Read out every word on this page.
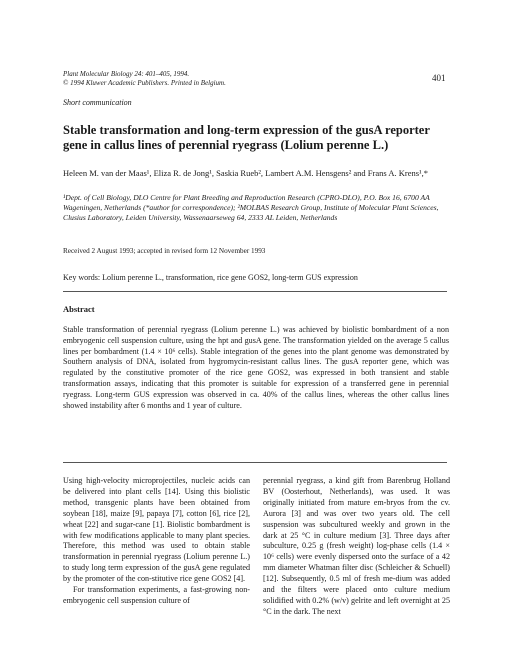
Plant Molecular Biology 24: 401–405, 1994.
© 1994 Kluwer Academic Publishers. Printed in Belgium.	401
Short communication
Stable transformation and long-term expression of the gusA reporter gene in callus lines of perennial ryegrass (Lolium perenne L.)
Heleen M. van der Maas¹, Eliza R. de Jong¹, Saskia Rueb², Lambert A.M. Hensgens² and Frans A. Krens¹,*
¹Dept. of Cell Biology, DLO Centre for Plant Breeding and Reproduction Research (CPRO-DLO), P.O. Box 16, 6700 AA Wageningen, Netherlands (*author for correspondence); ²MOLBAS Research Group, Institute of Molecular Plant Sciences, Clusius Laboratory, Leiden University, Wassenaarseweg 64, 2333 AL Leiden, Netherlands
Received 2 August 1993; accepted in revised form 12 November 1993
Key words: Lolium perenne L., transformation, rice gene GOS2, long-term GUS expression
Abstract
Stable transformation of perennial ryegrass (Lolium perenne L.) was achieved by biolistic bombardment of a non embryogenic cell suspension culture, using the hpt and gusA gene. The transformation yielded on the average 5 callus lines per bombardment (1.4 × 10⁶ cells). Stable integration of the genes into the plant genome was demonstrated by Southern analysis of DNA, isolated from hygromycin-resistant callus lines. The gusA reporter gene, which was regulated by the constitutive promoter of the rice gene GOS2, was expressed in both transient and stable transformation assays, indicating that this promoter is suitable for expression of a transferred gene in perennial ryegrass. Long-term GUS expression was observed in ca. 40% of the callus lines, whereas the other callus lines showed instability after 6 months and 1 year of culture.

Using high-velocity microprojectiles, nucleic acids can be delivered into plant cells [14]. Using this biolistic method, transgenic plants have been obtained from soybean [18], maize [9], papaya [7], cotton [6], rice [2], wheat [22] and sugar-cane [1]. Biolistic bombardment is with few modifications applicable to many plant species. Therefore, this method was used to obtain stable transformation in perennial ryegrass (Lolium perenne L.) to study long term expression of the gusA gene regulated by the promoter of the con-stitutive rice gene GOS2 [4].

For transformation experiments, a fast-growing non-embryogenic cell suspension culture of

perennial ryegrass, a kind gift from Barenbrug Holland BV (Oosterhout, Netherlands), was used. It was originally initiated from mature em-bryos from the cv. Aurora [3] and was over two years old. The cell suspension was subcultured weekly and grown in the dark at 25 °C in culture medium [3]. Three days after subculture, 0.25 g (fresh weight) log-phase cells (1.4 × 10⁶ cells) were evenly dispersed onto the surface of a 42 mm diameter Whatman filter disc (Schleicher & Schuell) [12]. Subsequently, 0.5 ml of fresh me-dium was added and the filters were placed onto culture medium solidified with 0.2% (w/v) gelrite and left overnight at 25 °C in the dark. The next
